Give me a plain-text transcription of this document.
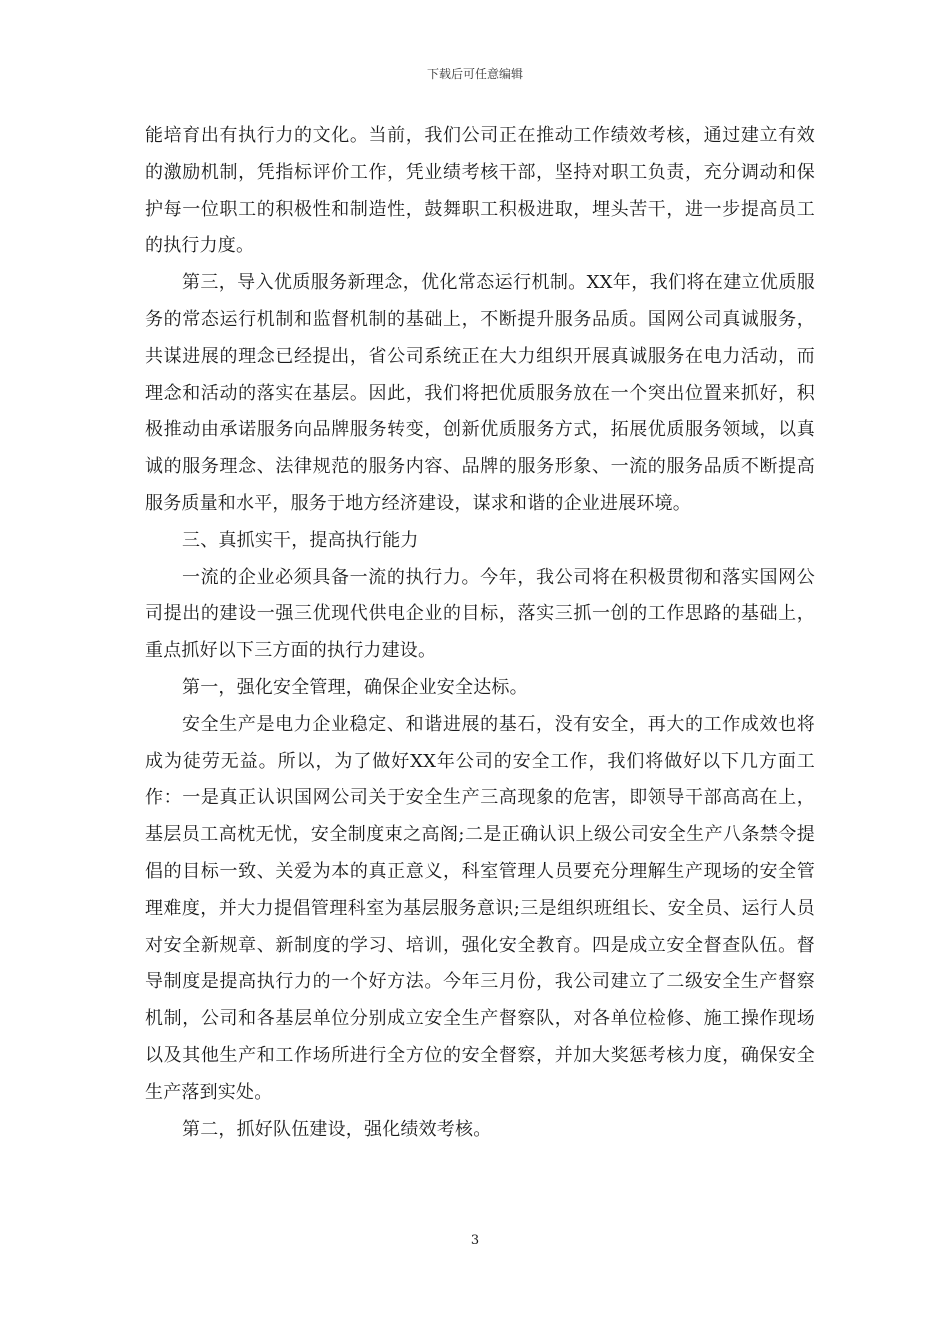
下载后可任意编辑

能培育出有执行力的文化。当前，我们公司正在推动工作绩效考核，通过建立有效的激励机制，凭指标评价工作，凭业绩考核干部，坚持对职工负责，充分调动和保护每一位职工的积极性和制造性，鼓舞职工积极进取，埋头苦干，进一步提高员工的执行力度。

第三，导入优质服务新理念，优化常态运行机制。XX年，我们将在建立优质服务的常态运行机制和监督机制的基础上，不断提升服务品质。国网公司真诚服务，共谋进展的理念已经提出，省公司系统正在大力组织开展真诚服务在电力活动，而理念和活动的落实在基层。因此，我们将把优质服务放在一个突出位置来抓好，积极推动由承诺服务向品牌服务转变，创新优质服务方式，拓展优质服务领域，以真诚的服务理念、法律规范的服务内容、品牌的服务形象、一流的服务品质不断提高服务质量和水平，服务于地方经济建设，谋求和谐的企业进展环境。

三、真抓实干，提高执行能力

一流的企业必须具备一流的执行力。今年，我公司将在积极贯彻和落实国网公司提出的建设一强三优现代供电企业的目标，落实三抓一创的工作思路的基础上，重点抓好以下三方面的执行力建设。

第一，强化安全管理，确保企业安全达标。

安全生产是电力企业稳定、和谐进展的基石，没有安全，再大的工作成效也将成为徒劳无益。所以，为了做好XX年公司的安全工作，我们将做好以下几方面工作：一是真正认识国网公司关于安全生产三高现象的危害，即领导干部高高在上，基层员工高枕无忧，安全制度束之高阁;二是正确认识上级公司安全生产八条禁令提倡的目标一致、关爱为本的真正意义，科室管理人员要充分理解生产现场的安全管理难度，并大力提倡管理科室为基层服务意识;三是组织班组长、安全员、运行人员对安全新规章、新制度的学习、培训，强化安全教育。四是成立安全督查队伍。督导制度是提高执行力的一个好方法。今年三月份，我公司建立了二级安全生产督察机制，公司和各基层单位分别成立安全生产督察队，对各单位检修、施工操作现场以及其他生产和工作场所进行全方位的安全督察，并加大奖惩考核力度，确保安全生产落到实处。

第二，抓好队伍建设，强化绩效考核。

3
